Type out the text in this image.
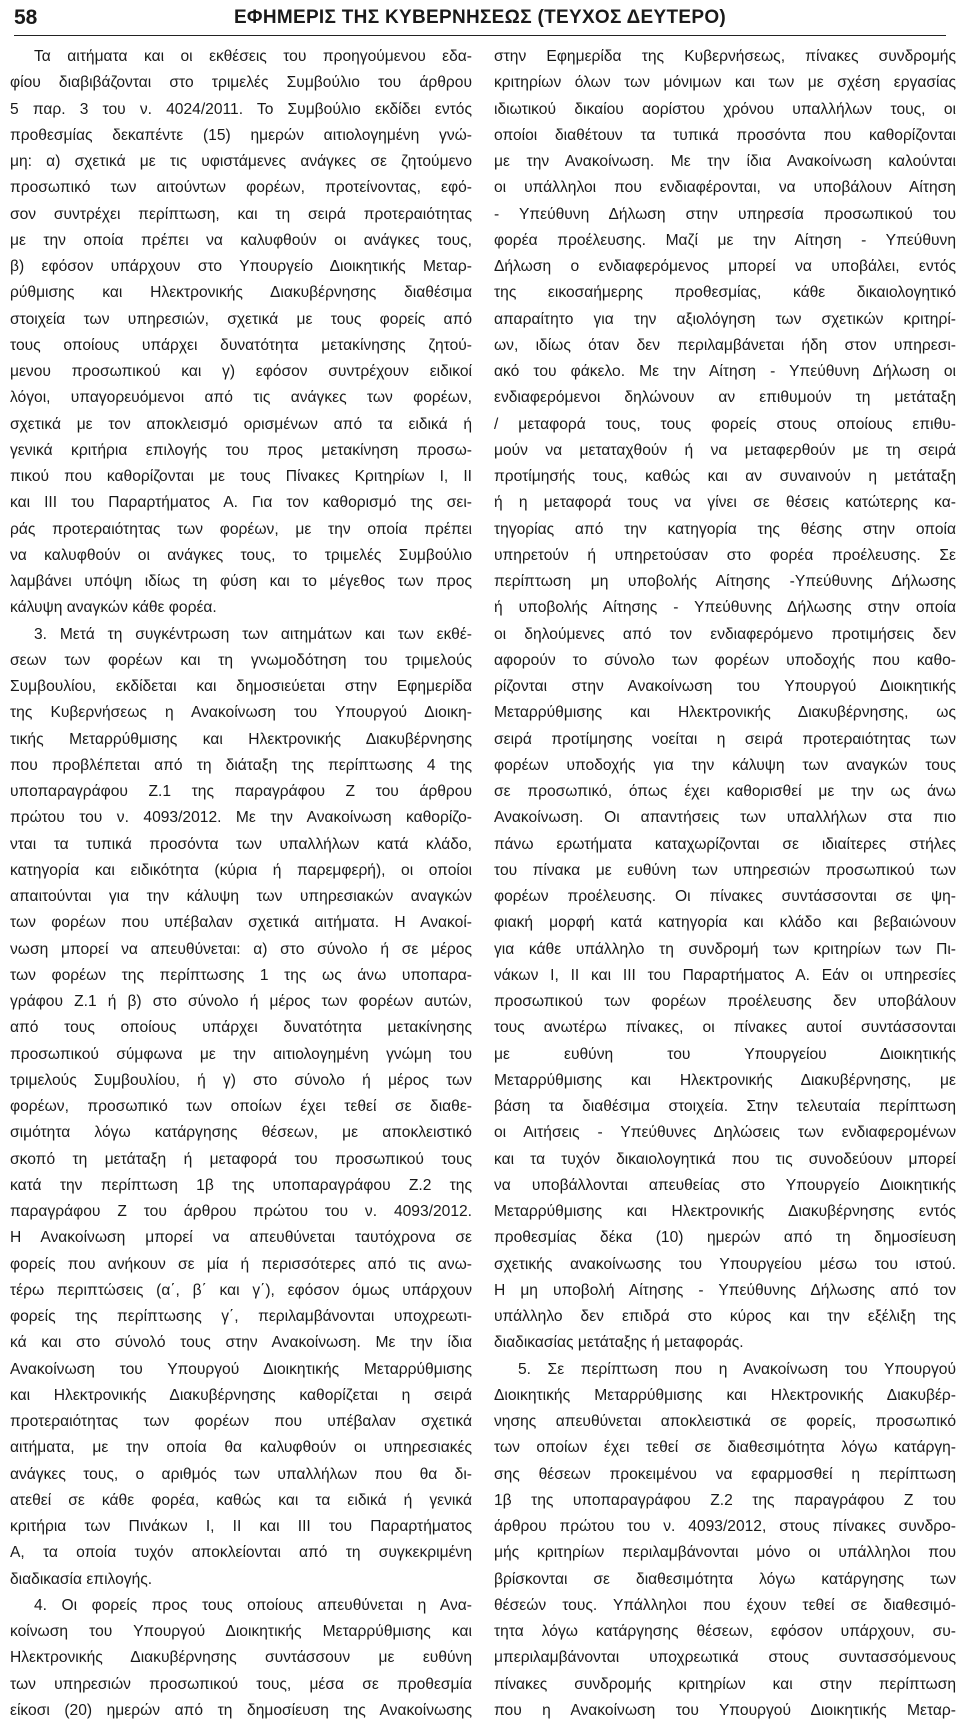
58	ΕΦΗΜΕΡΙΣ ΤΗΣ ΚΥΒΕΡΝΗΣΕΩΣ (ΤΕΥΧΟΣ ΔΕΥΤΕΡΟ)
Τα αιτήματα και οι εκθέσεις του προηγούμενου εδα-
φίου διαβιβάζονται στο τριμελές Συμβούλιο του άρθρου
5 παρ. 3 του ν. 4024/2011. Το Συμβούλιο εκδίδει εντός
προθεσμίας δεκαπέντε (15) ημερών αιτιολογημένη γνώ-
μη: α) σχετικά με τις υφιστάμενες ανάγκες σε ζητούμενο
προσωπικό των αιτούντων φορέων, προτείνοντας, εφό-
σον συντρέχει περίπτωση, και τη σειρά προτεραιότητας
με την οποία πρέπει να καλυφθούν οι ανάγκες τους,
β) εφόσον υπάρχουν στο Υπουργείο Διοικητικής Μεταρ-
ρύθμισης και Ηλεκτρονικής Διακυβέρνησης διαθέσιμα
στοιχεία των υπηρεσιών, σχετικά με τους φορείς από
τους οποίους υπάρχει δυνατότητα μετακίνησης ζητού-
μενου προσωπικού και γ) εφόσον συντρέχουν ειδικοί
λόγοι, υπαγορευόμενοι από τις ανάγκες των φορέων,
σχετικά με τον αποκλεισμό ορισμένων από τα ειδικά ή
γενικά κριτήρια επιλογής του προς μετακίνηση προσω-
πικού που καθορίζονται με τους Πίνακες Κριτηρίων Ι, ΙΙ
και ΙΙΙ του Παραρτήματος Α. Για τον καθορισμό της σει-
ράς προτεραιότητας των φορέων, με την οποία πρέπει
να καλυφθούν οι ανάγκες τους, το τριμελές Συμβούλιο
λαμβάνει υπόψη ιδίως τη φύση και το μέγεθος των προς
κάλυψη αναγκών κάθε φορέα.
3. Μετά τη συγκέντρωση των αιτημάτων και των εκθέ-
σεων των φορέων και τη γνωμοδότηση του τριμελούς
Συμβουλίου, εκδίδεται και δημοσιεύεται στην Εφημερίδα
της Κυβερνήσεως η Ανακοίνωση του Υπουργού Διοικη-
τικής Μεταρρύθμισης και Ηλεκτρονικής Διακυβέρνησης
που προβλέπεται από τη διάταξη της περίπτωσης 4 της
υποπαραγράφου Ζ.1 της παραγράφου Ζ του άρθρου
πρώτου του ν. 4093/2012. Με την Ανακοίνωση καθορίζο-
νται τα τυπικά προσόντα των υπαλλήλων κατά κλάδο,
κατηγορία και ειδικότητα (κύρια ή παρεμφερή), οι οποίοι
απαιτούνται για την κάλυψη των υπηρεσιακών αναγκών
των φορέων που υπέβαλαν σχετικά αιτήματα. Η Ανακοί-
νωση μπορεί να απευθύνεται: α) στο σύνολο ή σε μέρος
των φορέων της περίπτωσης 1 της ως άνω υποπαρα-
γράφου Ζ.1 ή β) στο σύνολο ή μέρος των φορέων αυτών,
από τους οποίους υπάρχει δυνατότητα μετακίνησης
προσωπικού σύμφωνα με την αιτιολογημένη γνώμη του
τριμελούς Συμβουλίου, ή γ) στο σύνολο ή μέρος των
φορέων, προσωπικό των οποίων έχει τεθεί σε διαθε-
σιμότητα λόγω κατάργησης θέσεων, με αποκλειστικό
σκοπό τη μετάταξη ή μεταφορά του προσωπικού τους
κατά την περίπτωση 1β της υποπαραγράφου Ζ.2 της
παραγράφου Ζ του άρθρου πρώτου του ν. 4093/2012.
Η Ανακοίνωση μπορεί να απευθύνεται ταυτόχρονα σε
φορείς που ανήκουν σε μία ή περισσότερες από τις ανω-
τέρω περιπτώσεις (α΄, β΄ και γ΄), εφόσον όμως υπάρχουν
φορείς της περίπτωσης γ΄, περιλαμβάνονται υποχρεωτι-
κά και στο σύνολό τους στην Ανακοίνωση. Με την ίδια
Ανακοίνωση του Υπουργού Διοικητικής Μεταρρύθμισης
και Ηλεκτρονικής Διακυβέρνησης καθορίζεται η σειρά
προτεραιότητας των φορέων που υπέβαλαν σχετικά
αιτήματα, με την οποία θα καλυφθούν οι υπηρεσιακές
ανάγκες τους, ο αριθμός των υπαλλήλων που θα δι-
ατεθεί σε κάθε φορέα, καθώς και τα ειδικά ή γενικά
κριτήρια των Πινάκων Ι, ΙΙ και ΙΙΙ του Παραρτήματος
Α, τα οποία τυχόν αποκλείονται από τη συγκεκριμένη
διαδικασία επιλογής.
4. Οι φορείς προς τους οποίους απευθύνεται η Ανα-
κοίνωση του Υπουργού Διοικητικής Μεταρρύθμισης και
Ηλεκτρονικής Διακυβέρνησης συντάσσουν με ευθύνη
των υπηρεσιών προσωπικού τους, μέσα σε προθεσμία
είκοσι (20) ημερών από τη δημοσίευση της Ανακοίνωσης
στην Εφημερίδα της Κυβερνήσεως, πίνακες συνδρομής
κριτηρίων όλων των μόνιμων και των με σχέση εργασίας
ιδιωτικού δικαίου αορίστου χρόνου υπαλλήλων τους, οι
οποίοι διαθέτουν τα τυπικά προσόντα που καθορίζονται
με την Ανακοίνωση. Με την ίδια Ανακοίνωση καλούνται
οι υπάλληλοι που ενδιαφέρονται, να υποβάλουν Αίτηση
- Υπεύθυνη Δήλωση στην υπηρεσία προσωπικού του
φορέα προέλευσης. Μαζί με την Αίτηση - Υπεύθυνη
Δήλωση ο ενδιαφερόμενος μπορεί να υποβάλει, εντός
της εικοσαήμερης προθεσμίας, κάθε δικαιολογητικό
απαραίτητο για την αξιολόγηση των σχετικών κριτηρί-
ων, ιδίως όταν δεν περιλαμβάνεται ήδη στον υπηρεσι-
ακό του φάκελο. Με την Αίτηση - Υπεύθυνη Δήλωση οι
ενδιαφερόμενοι δηλώνουν αν επιθυμούν τη μετάταξη
/ μεταφορά τους, τους φορείς στους οποίους επιθυ-
μούν να μεταταχθούν ή να μεταφερθούν με τη σειρά
προτίμησής τους, καθώς και αν συναινούν η μετάταξη
ή η μεταφορά τους να γίνει σε θέσεις κατώτερης κα-
τηγορίας από την κατηγορία της θέσης στην οποία
υπηρετούν ή υπηρετούσαν στο φορέα προέλευσης. Σε
περίπτωση μη υποβολής Αίτησης -Υπεύθυνης Δήλωσης
ή υποβολής Αίτησης - Υπεύθυνης Δήλωσης στην οποία
οι δηλούμενες από τον ενδιαφερόμενο προτιμήσεις δεν
αφορούν το σύνολο των φορέων υποδοχής που καθο-
ρίζονται στην Ανακοίνωση του Υπουργού Διοικητικής
Μεταρρύθμισης και Ηλεκτρονικής Διακυβέρνησης, ως
σειρά προτίμησης νοείται η σειρά προτεραιότητας των
φορέων υποδοχής για την κάλυψη των αναγκών τους
σε προσωπικό, όπως έχει καθορισθεί με την ως άνω
Ανακοίνωση. Οι απαντήσεις των υπαλλήλων στα πιο
πάνω ερωτήματα καταχωρίζονται σε ιδιαίτερες στήλες
του πίνακα με ευθύνη των υπηρεσιών προσωπικού των
φορέων προέλευσης. Οι πίνακες συντάσσονται σε ψη-
φιακή μορφή κατά κατηγορία και κλάδο και βεβαιώνουν
για κάθε υπάλληλο τη συνδρομή των κριτηρίων των Πι-
νάκων Ι, ΙΙ και ΙΙΙ του Παραρτήματος Α. Εάν οι υπηρεσίες
προσωπικού των φορέων προέλευσης δεν υποβάλουν
τους ανωτέρω πίνακες, οι πίνακες αυτοί συντάσσονται
με ευθύνη του Υπουργείου Διοικητικής
Μεταρρύθμισης και Ηλεκτρονικής Διακυβέρνησης, με
βάση τα διαθέσιμα στοιχεία. Στην τελευταία περίπτωση
οι Αιτήσεις - Υπεύθυνες Δηλώσεις των ενδιαφερομένων
και τα τυχόν δικαιολογητικά που τις συνοδεύουν μπορεί
να υποβάλλονται απευθείας στο Υπουργείο Διοικητικής
Μεταρρύθμισης και Ηλεκτρονικής Διακυβέρνησης εντός
προθεσμίας δέκα (10) ημερών από τη δημοσίευση
σχετικής ανακοίνωσης του Υπουργείου μέσω του ιστού.
Η μη υποβολή Αίτησης - Υπεύθυνης Δήλωσης από τον
υπάλληλο δεν επιδρά στο κύρος και την εξέλιξη της
διαδικασίας μετάταξης ή μεταφοράς.
5. Σε περίπτωση που η Ανακοίνωση του Υπουργού
Διοικητικής Μεταρρύθμισης και Ηλεκτρονικής Διακυβέρ-
νησης απευθύνεται αποκλειστικά σε φορείς, προσωπικό
των οποίων έχει τεθεί σε διαθεσιμότητα λόγω κατάργη-
σης θέσεων προκειμένου να εφαρμοσθεί η περίπτωση
1β της υποπαραγράφου Ζ.2 της παραγράφου Ζ του
άρθρου πρώτου του ν. 4093/2012, στους πίνακες συνδρο-
μής κριτηρίων περιλαμβάνονται μόνο οι υπάλληλοι που
βρίσκονται σε διαθεσιμότητα λόγω κατάργησης των
θέσεών τους. Υπάλληλοι που έχουν τεθεί σε διαθεσιμό-
τητα λόγω κατάργησης θέσεων, εφόσον υπάρχουν, συ-
μπεριλαμβάνονται υποχρεωτικά στους συντασσόμενους
πίνακες συνδρομής κριτηρίων και στην περίπτωση
που η Ανακοίνωση του Υπουργού Διοικητικής Μεταρ-
